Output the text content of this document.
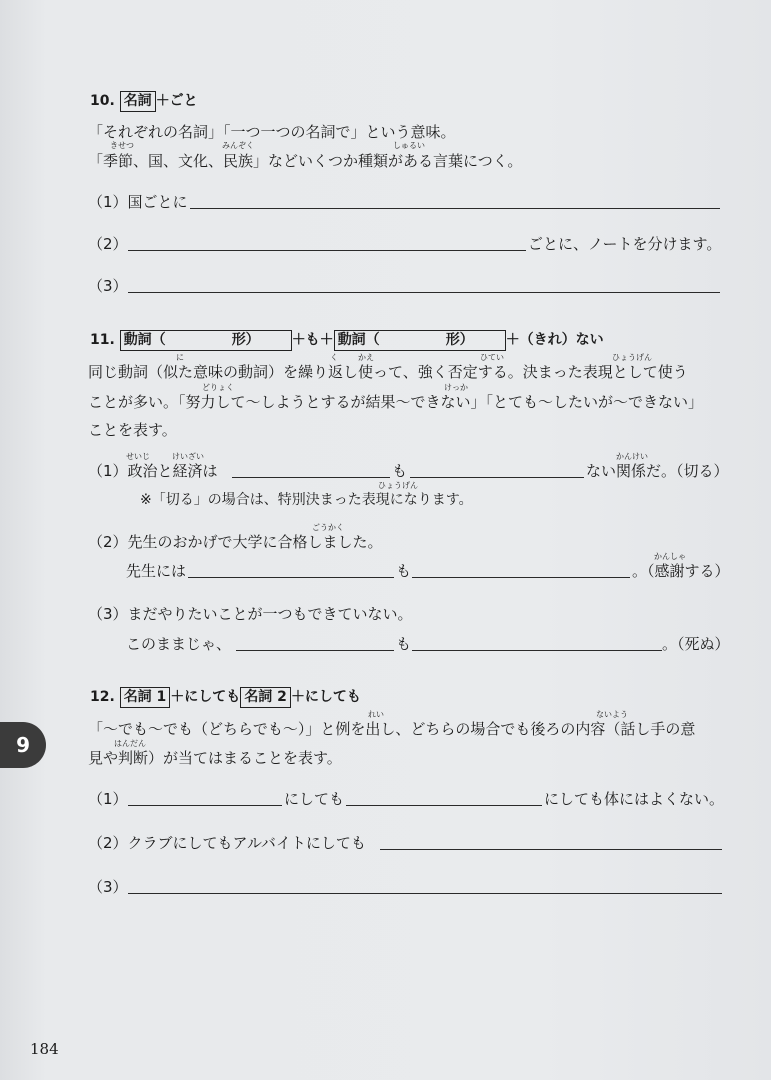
10. 名詞 ＋ごと
「それぞれの名詞」「一つ一つの名詞で」という意味。
きせつ	みんぞく	しゅるい
「季節、国、文化、民族」などいくつか種類がある言葉につく。
（1）国ごとに
（2）	ごとに、ノートを分けます。
（3）
11. 動詞（	形） ＋も＋ 動詞（	形） ＋（きれ）ない
に	く	かえ	ひてい	ひょうげん
同じ動詞（似た意味の動詞）を繰り返し使って、強く否定する。決まった表現として使う
どりょく	けっか
ことが多い。「努力して〜しようとするが結果〜できない」「とても〜したいが〜できない」
ことを表す。
せいじ	けいざい	かんけい
（1）政治と経済は	も	ない関係だ。（切る）
ひょうげん
※「切る」の場合は、特別決まった表現になります。
ごうかく
（2）先生のおかげで大学に合格しました。
かんしゃ
先生には	も	。（感謝する）
（3）まだやりたいことが一つもできていない。
このままじゃ、	も	。（死ぬ）
12. 名詞 1 ＋にしても 名詞 2 ＋にしても
れい	ないよう
「〜でも〜でも（どちらでも〜）」と例を出し、どちらの場合でも後ろの内容（話し手の意
はんだん
見や判断）が当てはまることを表す。
（1）	にしても	にしても体にはよくない。
（2）クラブにしてもアルバイトにしても
（3）
9
184
